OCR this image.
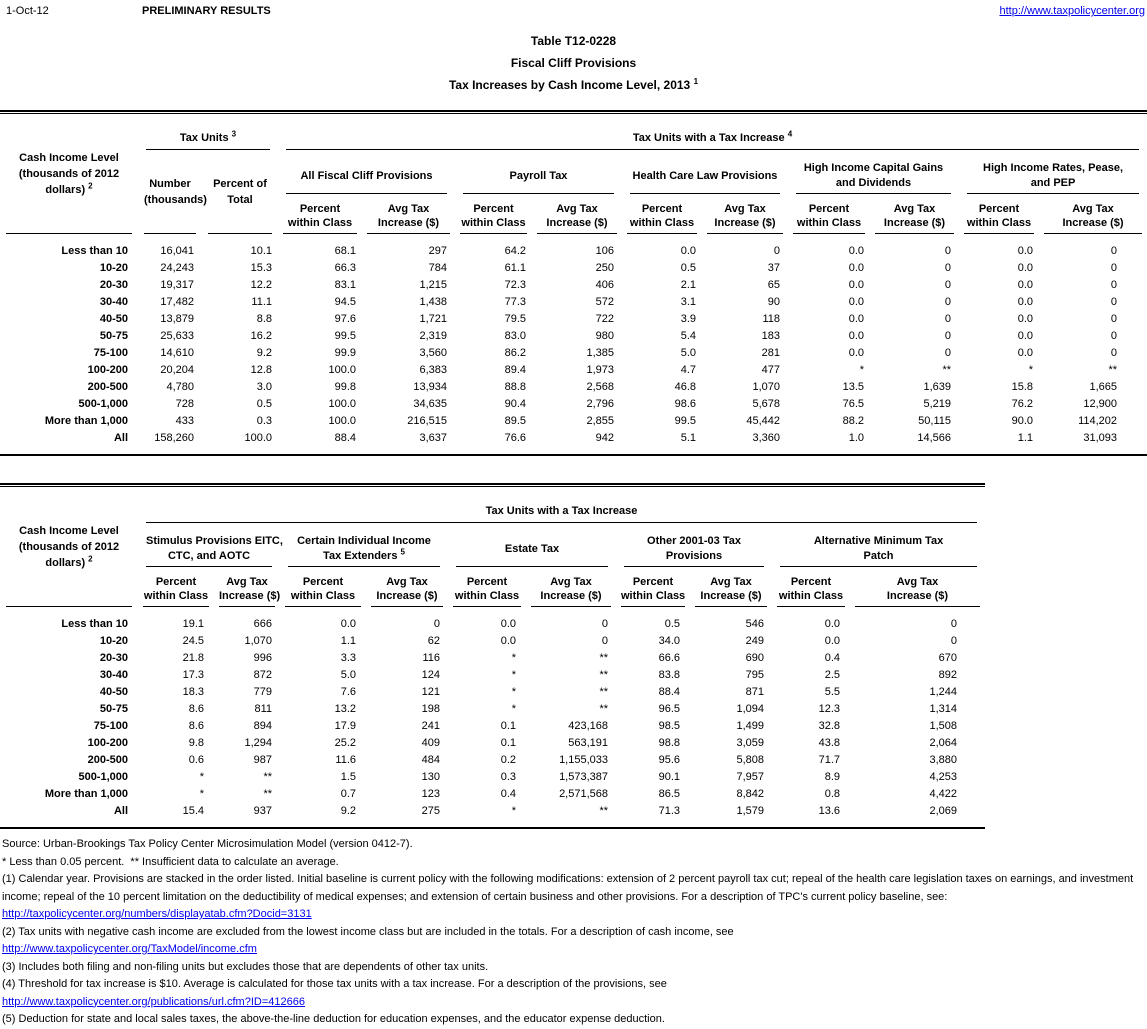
1-Oct-12	PRELIMINARY RESULTS	http://www.taxpolicycenter.org
Table T12-0228
Fiscal Cliff Provisions
Tax Increases by Cash Income Level, 2013 $^1$
Cash Income Level
(thousands of 2012
dollars) $^2$	Tax Units $^3$		Tax Units with a Tax Increase $^4$

Number
(thousands)

Percent of
Total

All Fiscal Cliff Provisions	Payroll Tax	Health Care Law Provisions

High Income Capital Gains
and Dividends

High Income Rates, Pease,
and PEP

Percent
within Class

Avg Tax
Increase ($)

Percent
within Class

Avg Tax
Increase ($)

Percent
within Class

Avg Tax
Increase ($)

Percent
within Class

Avg Tax
Increase ($)

Percent
within Class

Avg Tax
Increase ($)

Less than 10	16,041	10.1	68.1	297	64.2	106	0.0	0	0.0	0	0.0	0
10-20	24,243	15.3	66.3	784	61.1	250	0.5	37	0.0	0	0.0	0
20-30	19,317	12.2	83.1	1,215	72.3	406	2.1	65	0.0	0	0.0	0
30-40	17,482	11.1	94.5	1,438	77.3	572	3.1	90	0.0	0	0.0	0
40-50	13,879	8.8	97.6	1,721	79.5	722	3.9	118	0.0	0	0.0	0
50-75	25,633	16.2	99.5	2,319	83.0	980	5.4	183	0.0	0	0.0	0
75-100	14,610	9.2	99.9	3,560	86.2	1,385	5.0	281	0.0	0	0.0	0
100-200	20,204	12.8	100.0	6,383	89.4	1,973	4.7	477	*	**	*	**
200-500	4,780	3.0	99.8	13,934	88.8	2,568	46.8	1,070	13.5	1,639	15.8	1,665
500-1,000	728	0.5	100.0	34,635	90.4	2,796	98.6	5,678	76.5	5,219	76.2	12,900
More than 1,000	433	0.3	100.0	216,515	89.5	2,855	99.5	45,442	88.2	50,115	90.0	114,202
All	158,260	100.0	88.4	3,637	76.6	942	5.1	3,360	1.0	14,566	1.1	31,093
Cash Income Level
(thousands of 2012
dollars) $^2$	Tax Units with a Tax Increase									

Stimulus Provisions EITC,
CTC, and AOTC

Certain Individual Income
Tax Extenders $^5$	Estate Tax

Other 2001-03 Tax
Provisions

Alternative Minimum Tax
Patch

Percent
within Class

Avg Tax
Increase ($)

Percent
within Class

Avg Tax
Increase ($)

Percent
within Class

Avg Tax
Increase ($)

Percent
within Class

Avg Tax
Increase ($)

Percent
within Class

Avg Tax
Increase ($)

Less than 10	19.1	666	0.0	0	0.0	0	0.5	546	0.0	0
10-20	24.5	1,070	1.1	62	0.0	0	34.0	249	0.0	0
20-30	21.8	996	3.3	116	*	**	66.6	690	0.4	670
30-40	17.3	872	5.0	124	*	**	83.8	795	2.5	892
40-50	18.3	779	7.6	121	*	**	88.4	871	5.5	1,244
50-75	8.6	811	13.2	198	*	**	96.5	1,094	12.3	1,314
75-100	8.6	894	17.9	241	0.1	423,168	98.5	1,499	32.8	1,508
100-200	9.8	1,294	25.2	409	0.1	563,191	98.8	3,059	43.8	2,064
200-500	0.6	987	11.6	484	0.2	1,155,033	95.6	5,808	71.7	3,880
500-1,000	*	**	1.5	130	0.3	1,573,387	90.1	7,957	8.9	4,253
More than 1,000	*	**	0.7	123	0.4	2,571,568	86.5	8,842	0.8	4,422
All	15.4	937	9.2	275	*	**	71.3	1,579	13.6	2,069
Source: Urban-Brookings Tax Policy Center Microsimulation Model (version 0412-7).
* Less than 0.05 percent.  ** Insufficient data to calculate an average.
(1) Calendar year. Provisions are stacked in the order listed. Initial baseline is current policy with the following modifications: extension of 2 percent payroll tax cut; repeal of the health care legislation taxes on earnings, and investment income; repeal of the 10 percent limitation on the deductibility of medical expenses; and extension of certain business and other provisions. For a description of TPC's current policy baseline, see:
http://taxpolicycenter.org/numbers/displayatab.cfm?Docid=3131
(2) Tax units with negative cash income are excluded from the lowest income class but are included in the totals. For a description of cash income, see
http://www.taxpolicycenter.org/TaxModel/income.cfm
(3) Includes both filing and non-filing units but excludes those that are dependents of other tax units.
(4) Threshold for tax increase is $10. Average is calculated for those tax units with a tax increase. For a description of the provisions, see
http://www.taxpolicycenter.org/publications/url.cfm?ID=412666
(5) Deduction for state and local sales taxes, the above-the-line deduction for education expenses, and the educator expense deduction.
